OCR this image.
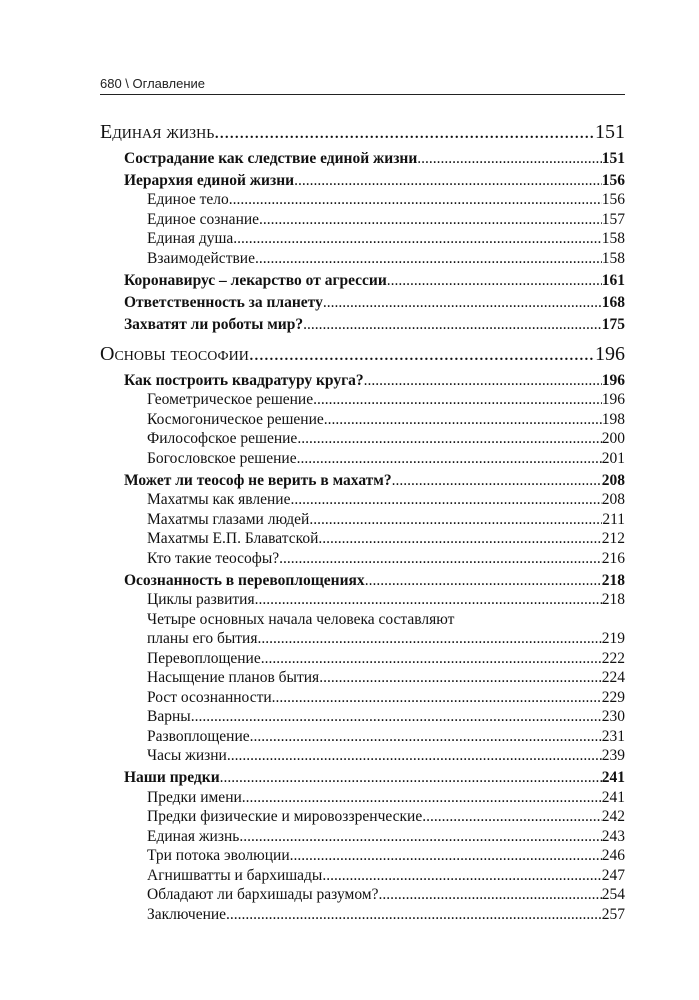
680 \ Оглавление
Единая жизнь .....	151
Сострадание как следствие единой жизни .....	151
Иерархия единой жизни .....	156
Единое тело .....	156
Единое сознание .....	157
Единая душа .....	158
Взаимодействие .....	158
Коронавирус – лекарство от агрессии .....	161
Ответственность за планету .....	168
Захватят ли роботы мир? .....	175
Основы теософии .....	196
Как построить квадратуру круга? .....	196
Геометрическое решение .....	196
Космогоническое решение .....	198
Философское решение .....	200
Богословское решение .....	201
Может ли теософ не верить в махатм? .....	208
Махатмы как явление .....	208
Махатмы глазами людей .....	211
Махатмы Е.П. Блаватской .....	212
Кто такие теософы? .....	216
Осознанность в перевоплощениях .....	218
Циклы развития .....	218
Четыре основных начала человека составляют
планы его бытия .....	219
Перевоплощение .....	222
Насыщение планов бытия .....	224
Рост осознанности .....	229
Варны .....	230
Развоплощение .....	231
Часы жизни .....	239
Наши предки .....	241
Предки имени .....	241
Предки физические и мировоззренческие .....	242
Единая жизнь .....	243
Три потока эволюции .....	246
Агнишватты и бархишады .....	247
Обладают ли бархишады разумом? .....	254
Заключение .....	257
